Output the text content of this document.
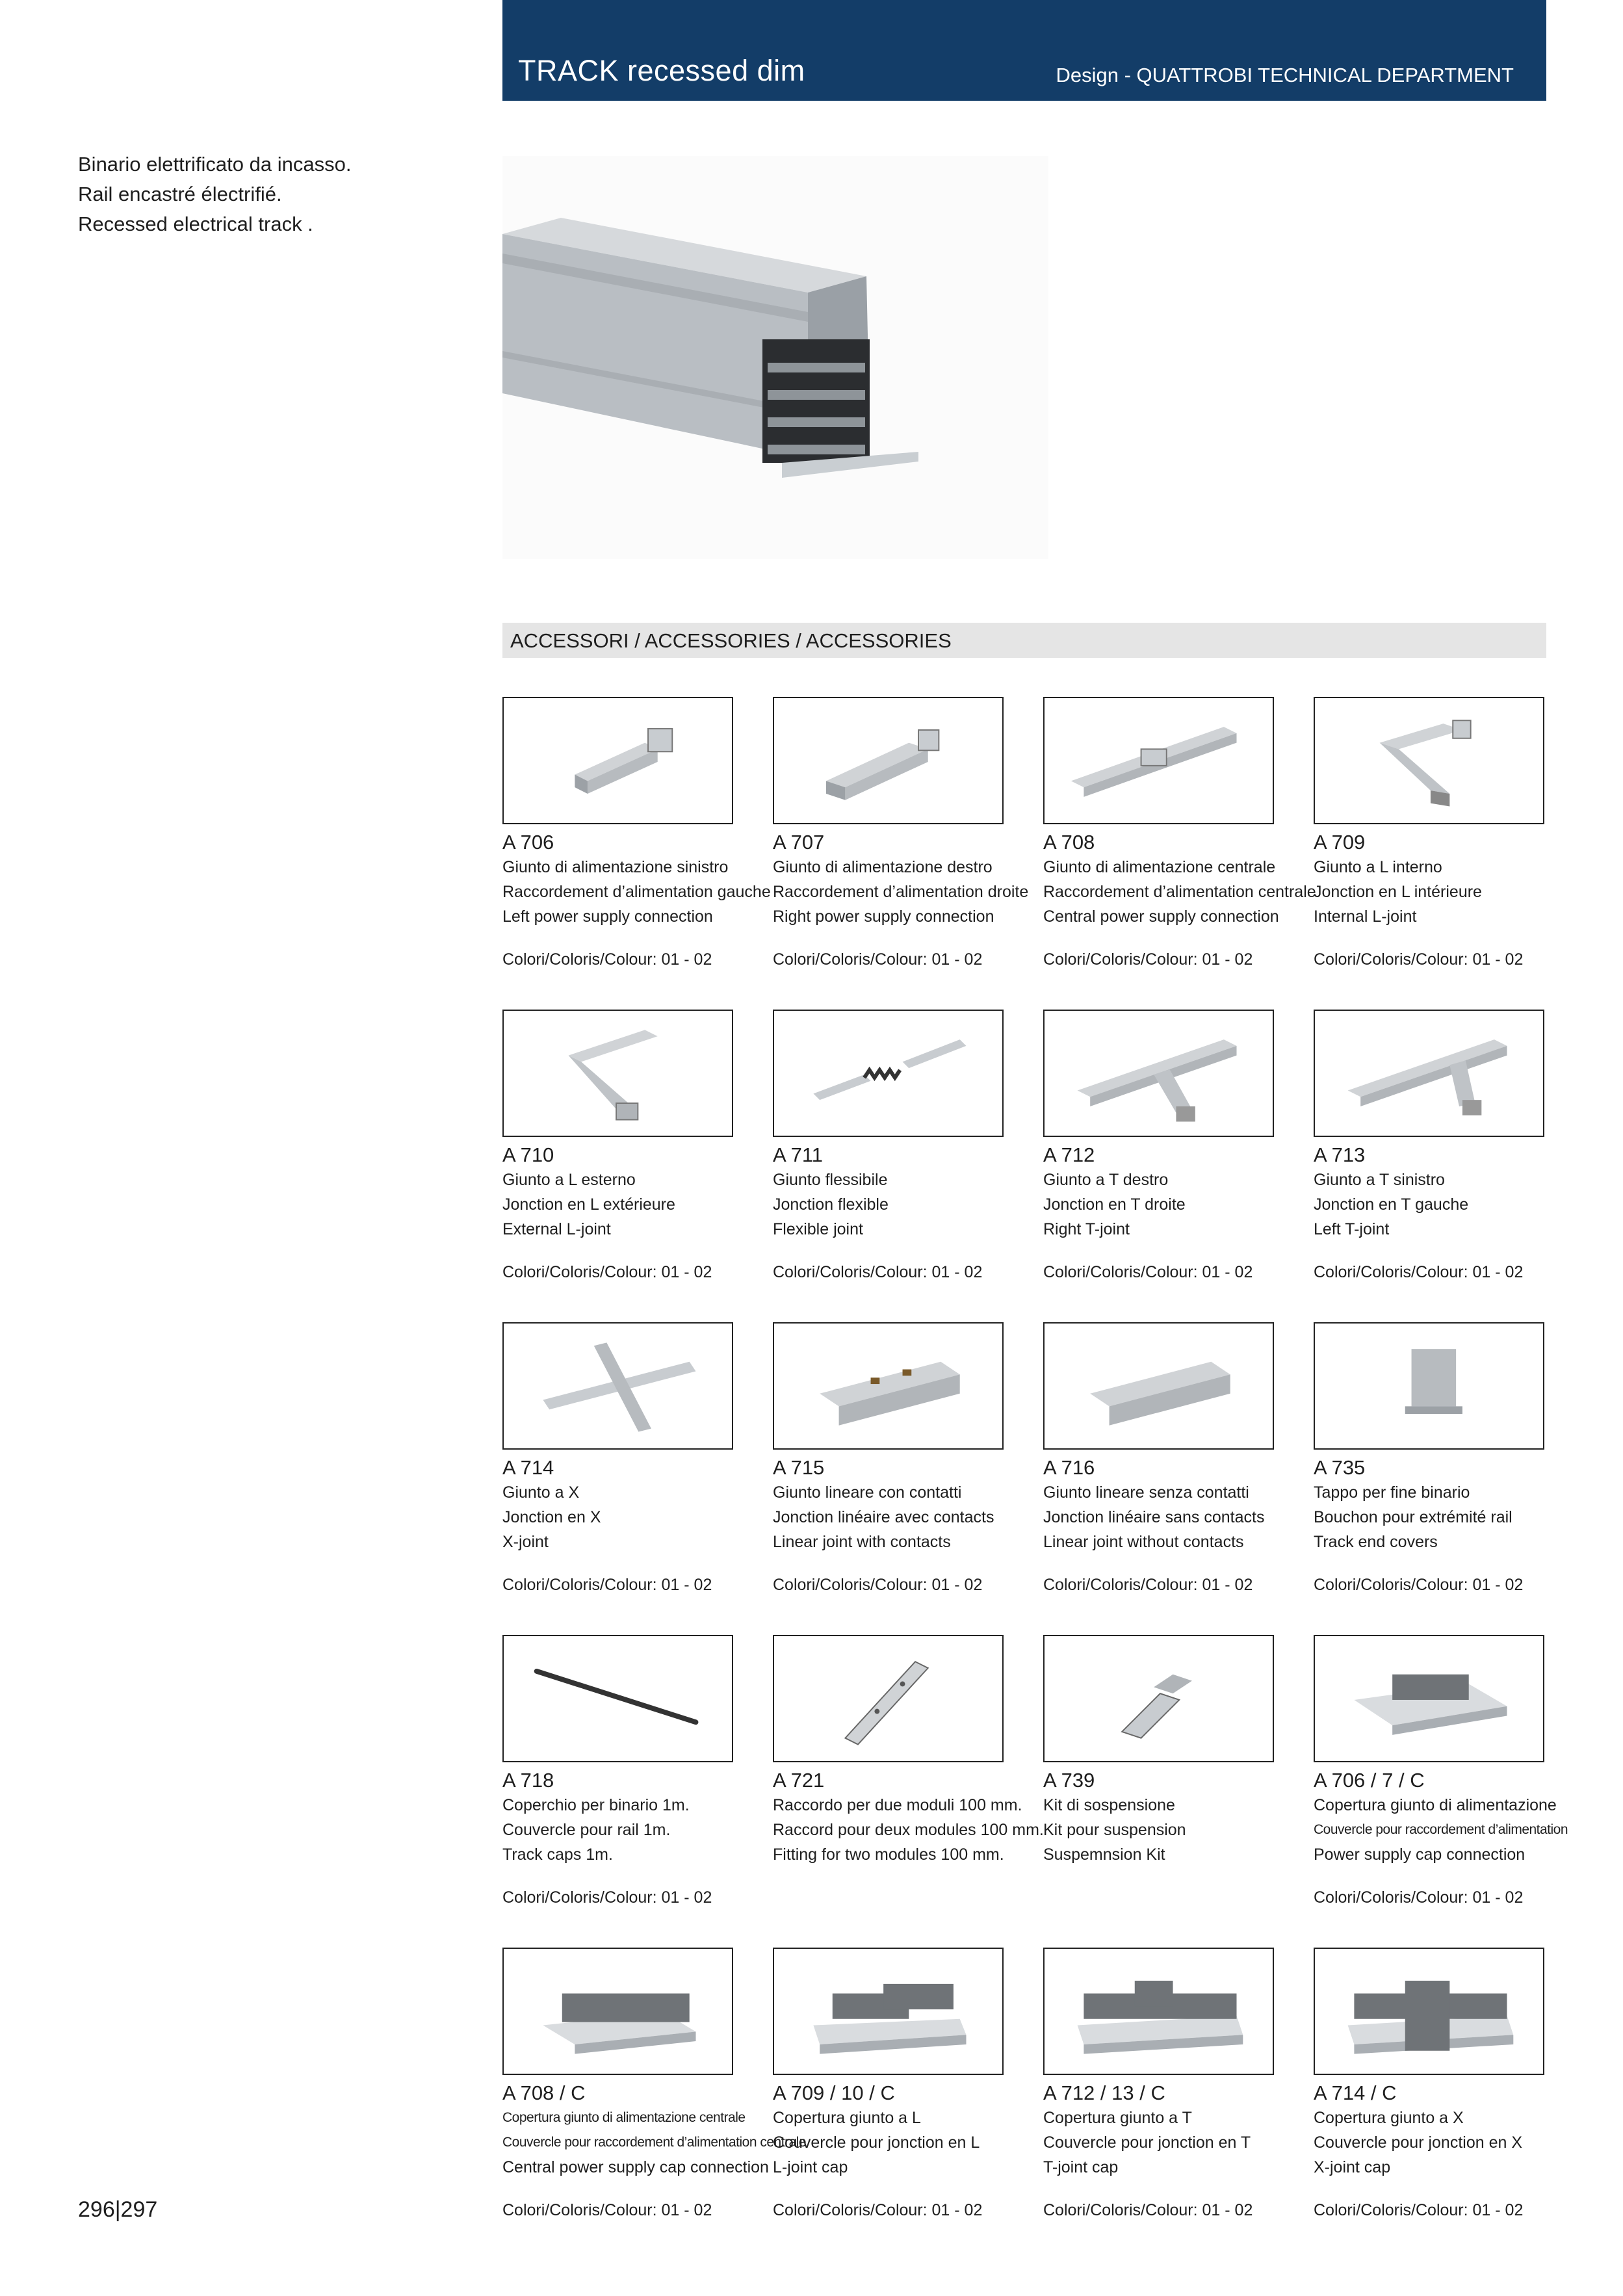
TRACK recessed dim	Design - QUATTROBI TECHNICAL DEPARTMENT
Binario elettrificato da incasso.
Rail encastré électrifié.
Recessed electrical track .
ACCESSORI / ACCESSORIES / ACCESSORIES
A 706
Giunto di alimentazione sinistro
Raccordement d’alimentation gauche
Left power supply connection
Colori/Coloris/Colour: 01 - 02
A 707
Giunto di alimentazione destro
Raccordement d’alimentation droite
Right power supply connection
Colori/Coloris/Colour: 01 - 02
A 708
Giunto di alimentazione centrale
Raccordement d’alimentation centrale
Central power supply connection
Colori/Coloris/Colour: 01 - 02
A 709
Giunto a L interno
Jonction en L intérieure
Internal L-joint
Colori/Coloris/Colour: 01 - 02
A 710
Giunto a L esterno
Jonction en L extérieure
External L-joint
Colori/Coloris/Colour: 01 - 02
A 711
Giunto flessibile
Jonction flexible
Flexible joint
Colori/Coloris/Colour: 01 - 02
A 712
Giunto a T destro
Jonction en T droite
Right T-joint
Colori/Coloris/Colour: 01 - 02
A 713
Giunto a T sinistro
Jonction en T gauche
Left T-joint
Colori/Coloris/Colour: 01 - 02
A 714
Giunto a X
Jonction en X
X-joint
Colori/Coloris/Colour: 01 - 02
A 715
Giunto lineare con contatti
Jonction linéaire avec contacts
Linear joint with contacts
Colori/Coloris/Colour: 01 - 02
A 716
Giunto lineare senza contatti
Jonction linéaire sans contacts
Linear joint without contacts
Colori/Coloris/Colour: 01 - 02
A 735
Tappo per fine binario
Bouchon pour extrémité rail
Track end covers
Colori/Coloris/Colour: 01 - 02
A 718
Coperchio per binario 1m.
Couvercle pour rail 1m.
Track caps 1m.
Colori/Coloris/Colour: 01 - 02
A 721
Raccordo per due moduli 100 mm.
Raccord pour deux modules 100 mm.
Fitting for two modules 100 mm.
A 739
Kit di sospensione
Kit pour suspension
Suspemnsion Kit
A 706 / 7 / C
Copertura giunto di alimentazione
Couvercle pour raccordement d’alimentation
Power supply cap connection
Colori/Coloris/Colour: 01 - 02
A 708 / C
Copertura giunto di alimentazione centrale
Couvercle pour raccordement d’alimentation centrale
Central power supply cap connection
Colori/Coloris/Colour: 01 - 02
A 709 / 10 / C
Copertura giunto a L
Couvercle pour jonction en L
L-joint cap
Colori/Coloris/Colour: 01 - 02
A 712 / 13 / C
Copertura giunto a T
Couvercle pour jonction en T
T-joint cap
Colori/Coloris/Colour: 01 - 02
A 714 / C
Copertura giunto a X
Couvercle pour jonction en X
X-joint cap
Colori/Coloris/Colour: 01 - 02
296|297
